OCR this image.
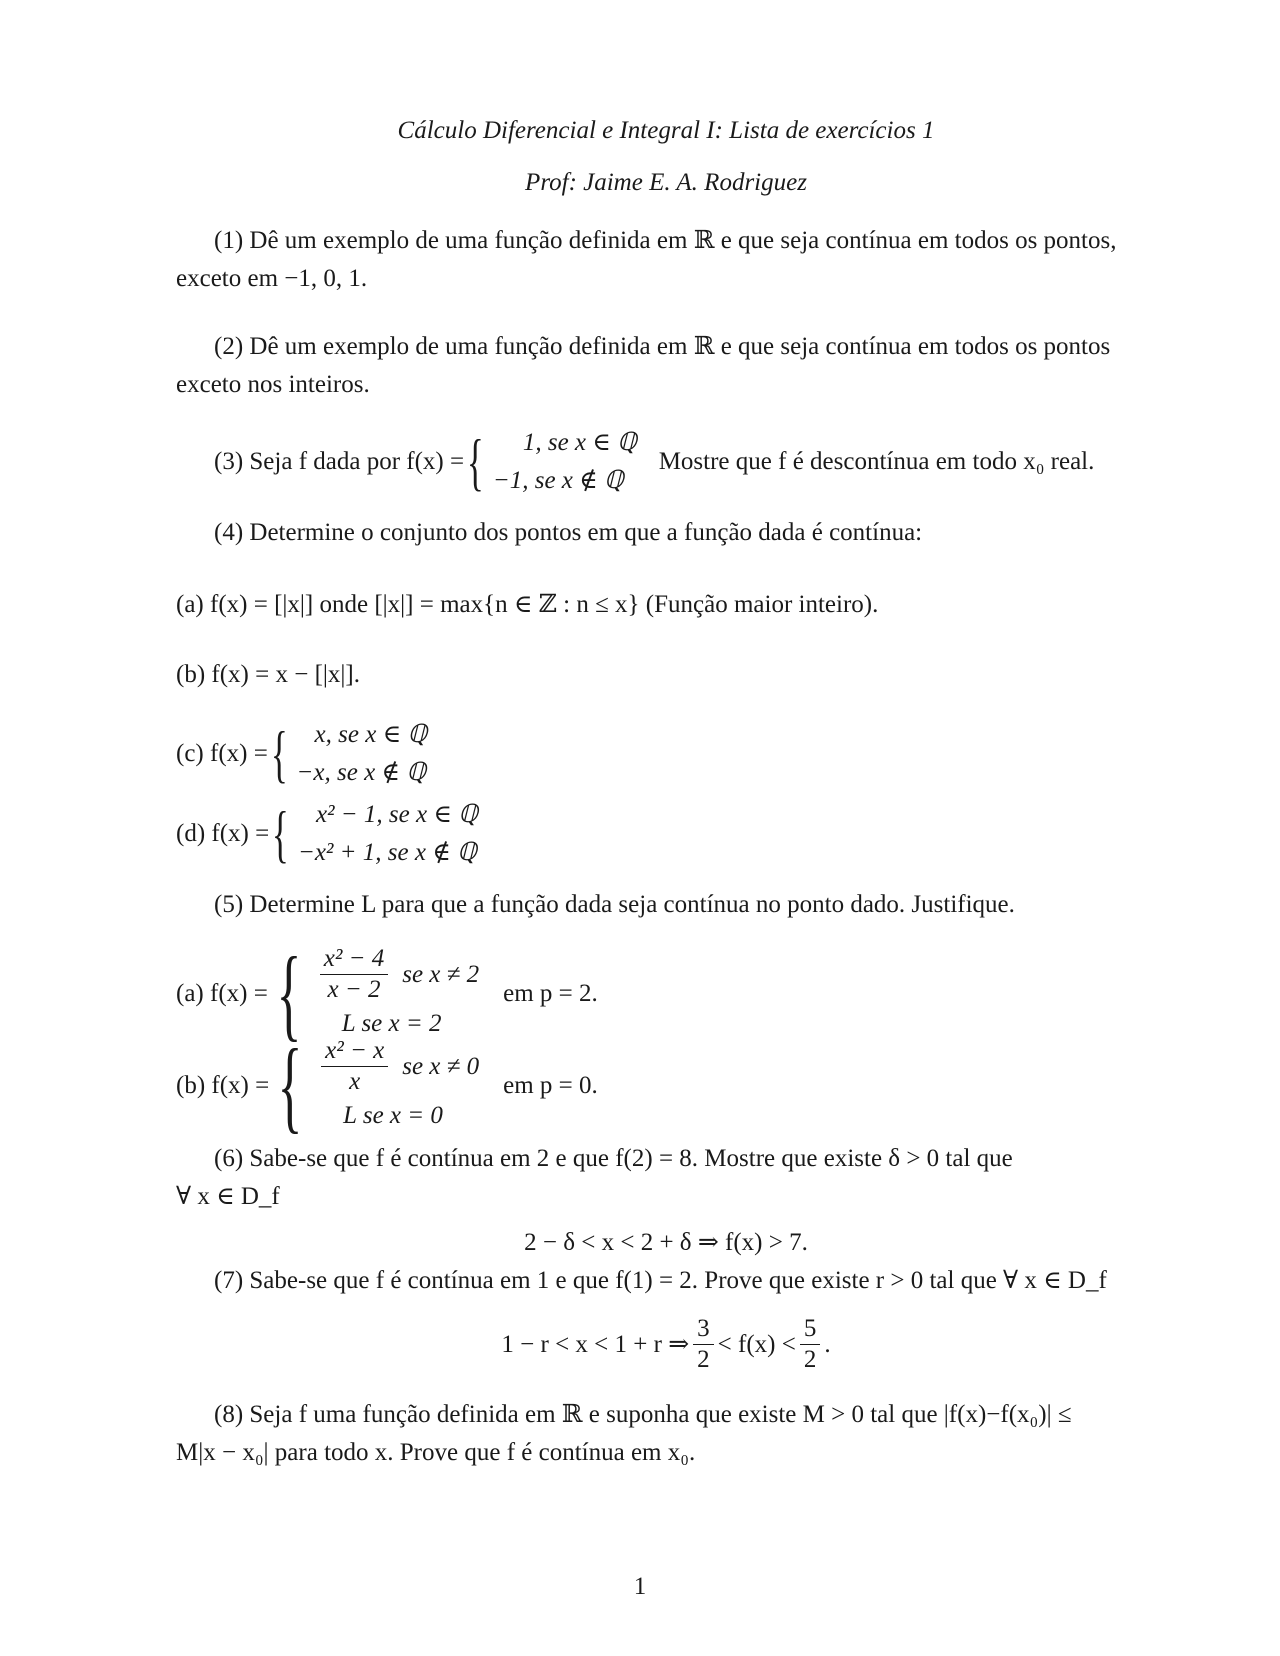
Cálculo Diferencial e Integral I: Lista de exercícios 1
Prof: Jaime E. A. Rodriguez
(1) Dê um exemplo de uma função definida em ℝ e que seja contínua em todos os pontos,
exceto em −1, 0, 1.
(2) Dê um exemplo de uma função definida em ℝ e que seja contínua em todos os pontos
exceto nos inteiros.
(3) Seja f dada por f(x) = {	1, se x ∈ ℚ
−1, se x ∉ ℚ
Mostre que f é descontínua em todo x₀ real.
(4) Determine o conjunto dos pontos em que a função dada é contínua:
(a) f(x) = [|x|] onde [|x|] = max{n ∈ ℤ : n ≤ x} (Função maior inteiro).
(b) f(x) = x − [|x|].
(c) f(x) = {	x, se x ∈ ℚ
−x, se x ∉ ℚ
(d) f(x) = {	x² − 1, se x ∈ ℚ
−x² + 1, se x ∉ ℚ
(5) Determine L para que a função dada seja contínua no ponto dado. Justifique.
(a) f(x) = { $\frac{\text{x² − 4}}{x - 2}$ se x ≠ 2
L se x = 2
em p = 2.
(b) f(x) = { $\frac{\text{x² − x}}{x}$ se x ≠ 0
L se x = 0
em p = 0.
(6) Sabe-se que f é contínua em 2 e que f(2) = 8. Mostre que existe δ > 0 tal que
∀ x ∈ D_f
2 − δ < x < 2 + δ ⇒ f(x) > 7.
(7) Sabe-se que f é contínua em 1 e que f(1) = 2. Prove que existe r > 0 tal que ∀ x ∈ D_f
1 − r < x < 1 + r ⇒ $\frac{3}{2} < f(x) < \frac{5}{2}$ .
(8) Seja f uma função definida em ℝ e suponha que existe M > 0 tal que |f(x)−f(x₀)| ≤
M|x − x₀| para todo x. Prove que f é contínua em x₀.
1
